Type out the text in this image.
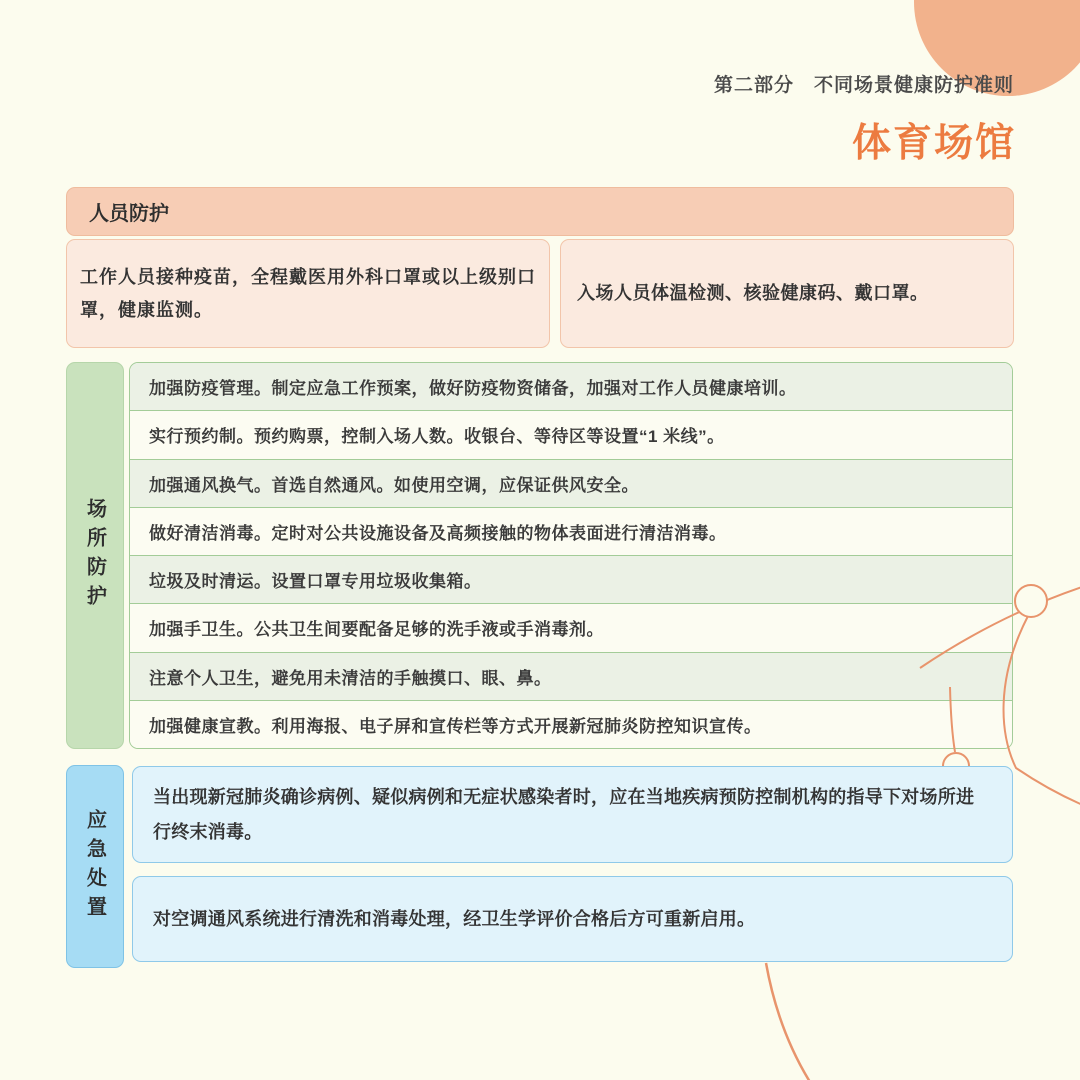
第二部分　不同场景健康防护准则
体育场馆
人员防护
工作人员接种疫苗，全程戴医用外科口罩或以上级别口罩，健康监测。
入场人员体温检测、核验健康码、戴口罩。
场所防护
加强防疫管理。制定应急工作预案，做好防疫物资储备，加强对工作人员健康培训。
实行预约制。预约购票，控制入场人数。收银台、等待区等设置“1 米线”。
加强通风换气。首选自然通风。如使用空调，应保证供风安全。
做好清洁消毒。定时对公共设施设备及高频接触的物体表面进行清洁消毒。
垃圾及时清运。设置口罩专用垃圾收集箱。
加强手卫生。公共卫生间要配备足够的洗手液或手消毒剂。
注意个人卫生，避免用未清洁的手触摸口、眼、鼻。
加强健康宣教。利用海报、电子屏和宣传栏等方式开展新冠肺炎防控知识宣传。
应急处置
当出现新冠肺炎确诊病例、疑似病例和无症状感染者时，应在当地疾病预防控制机构的指导下对场所进行终末消毒。
对空调通风系统进行清洗和消毒处理，经卫生学评价合格后方可重新启用。
